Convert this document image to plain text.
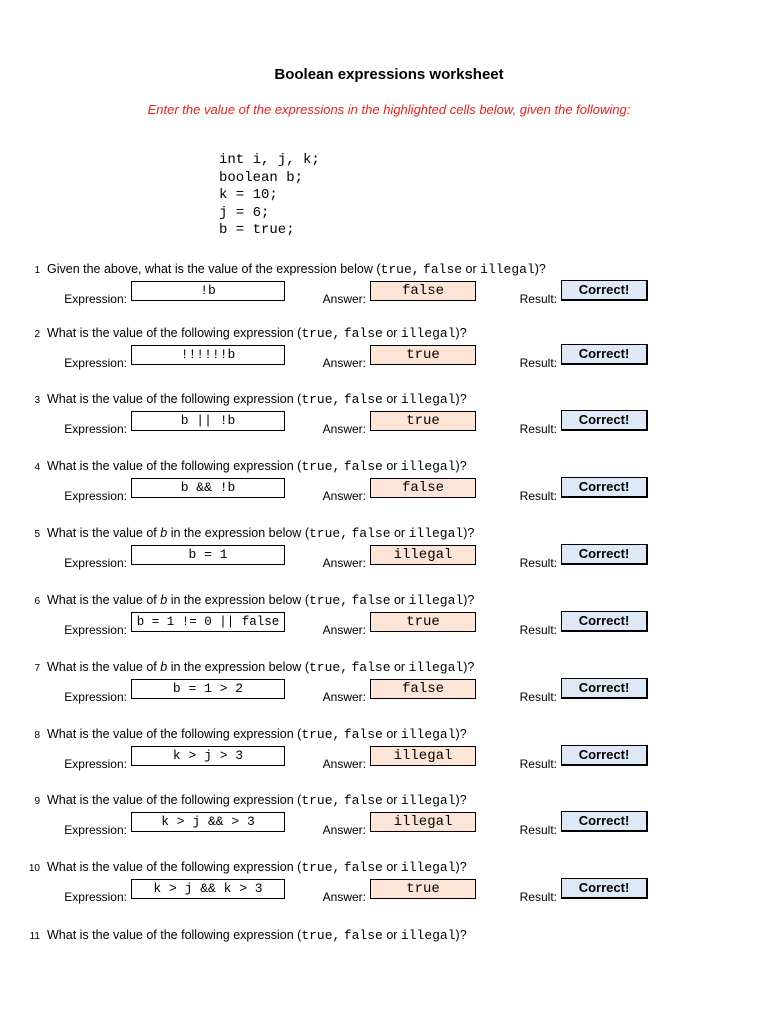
Boolean expressions worksheet
Enter the value of the expressions in the highlighted cells below, given the following:
int i, j, k;
boolean b;
k = 10;
j = 6;
b = true;
1 Given the above, what is the value of the expression below (true, false or illegal)?
Expression:
!b
Answer:	false	Result:
Correct!
2 What is the value of the following expression (true, false or illegal)?
Expression:
!!!!!!b
Answer:	true	Result:
Correct!
3 What is the value of the following expression (true, false or illegal)?
Expression:
b || !b
Answer:	true	Result:
Correct!
4 What is the value of the following expression (true, false or illegal)?
Expression:
b && !b
Answer:	false	Result:
Correct!
5 What is the value of b in the expression below (true, false or illegal)?
Expression:
b = 1
Answer:	illegal	Result:
Correct!
6 What is the value of b in the expression below (true, false or illegal)?
Expression:
b = 1 != 0 || false
Answer:	true	Result:
Correct!
7 What is the value of b in the expression below (true, false or illegal)?
Expression:
b = 1 > 2
Answer:	false	Result:
Correct!
8 What is the value of the following expression (true, false or illegal)?
Expression:
k > j > 3
Answer:	illegal	Result:
Correct!
9 What is the value of the following expression (true, false or illegal)?
Expression:
k > j && > 3
Answer:	illegal	Result:
Correct!
10 What is the value of the following expression (true, false or illegal)?
Expression:
k > j && k > 3
Answer:	true	Result:
Correct!
11 What is the value of the following expression (true, false or illegal)?
